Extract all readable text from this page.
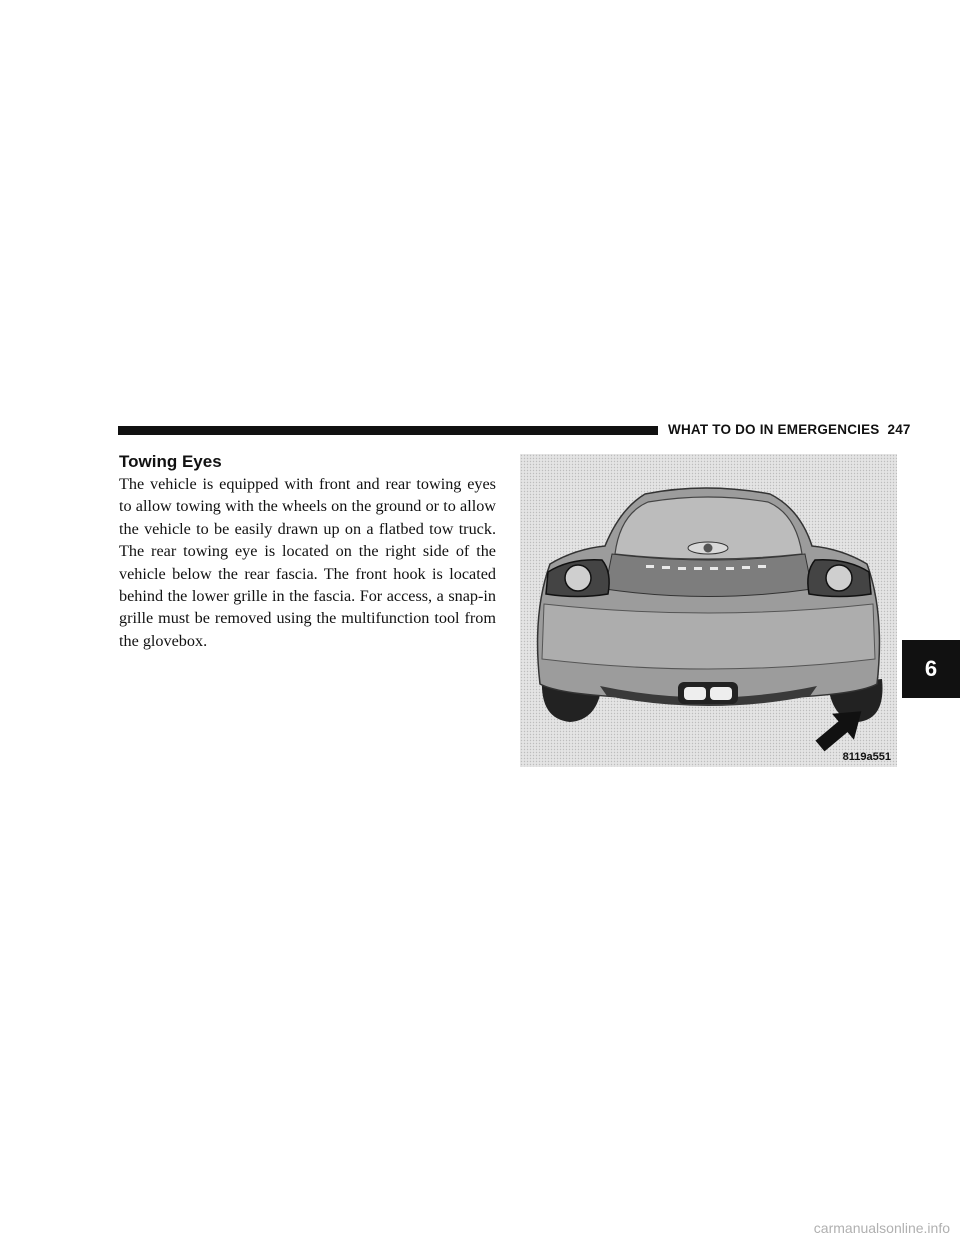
WHAT TO DO IN EMERGENCIES 247
Towing Eyes

The vehicle is equipped with front and rear towing eyes to allow towing with the wheels on the ground or to allow the vehicle to be easily drawn up on a flatbed tow truck. The rear towing eye is located on the right side of the vehicle below the rear fascia. The front hook is located behind the lower grille in the fascia. For access, a snap-in grille must be removed using the multifunction tool from the glovebox.

8119a551
6
carmanualsonline.info
